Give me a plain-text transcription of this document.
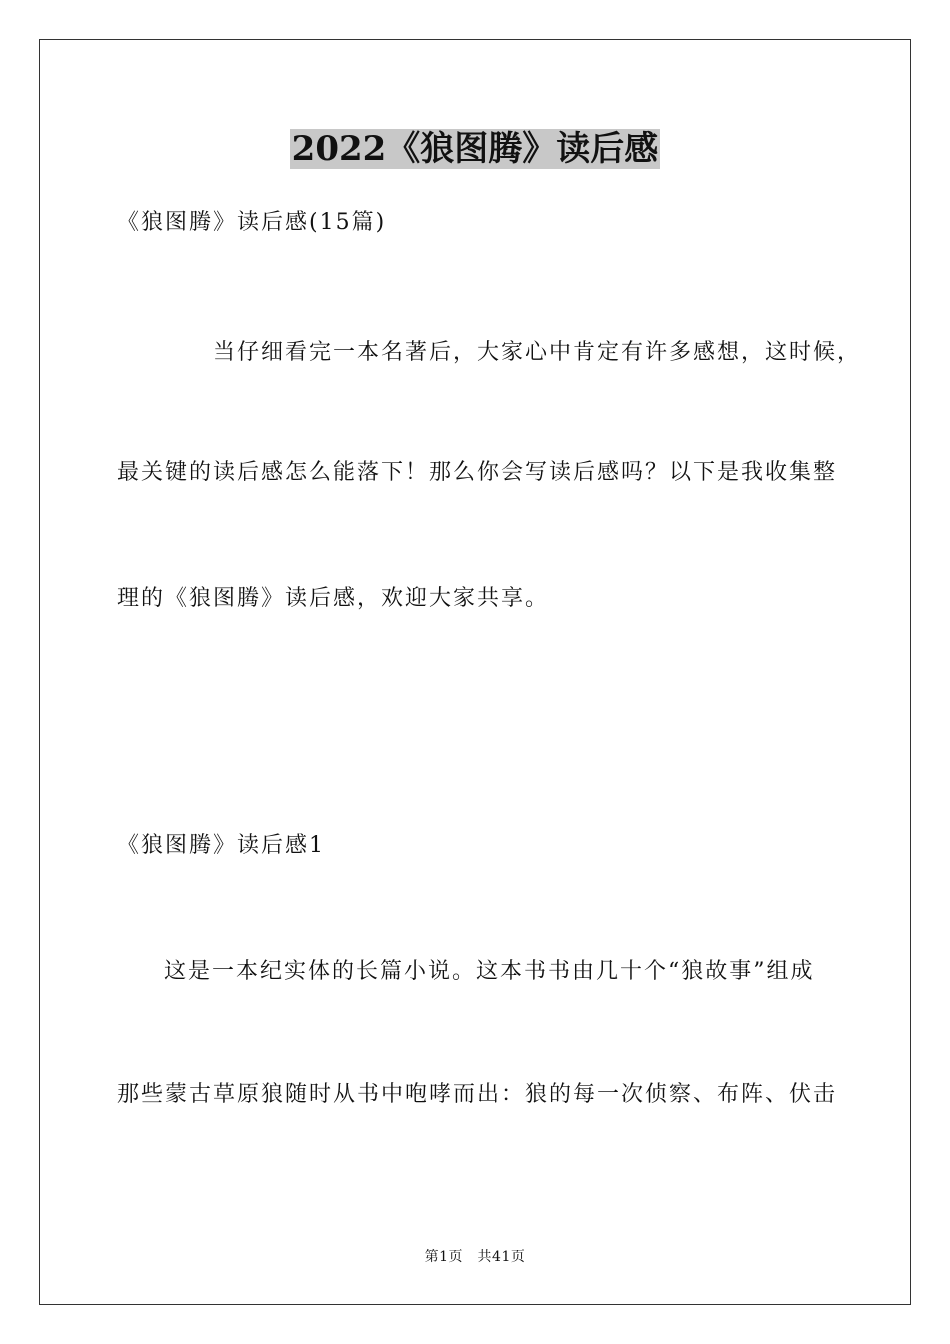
2022《狼图腾》读后感
《狼图腾》读后感(15篇)
当仔细看完一本名著后，大家心中肯定有许多感想，这时候，
最关键的读后感怎么能落下！那么你会写读后感吗？以下是我收集整
理的《狼图腾》读后感，欢迎大家共享。
《狼图腾》读后感1
这是一本纪实体的长篇小说。这本书书由几十个“狼故事”组成
那些蒙古草原狼随时从书中咆哮而出：狼的每一次侦察、布阵、伏击
第1页　共41页
